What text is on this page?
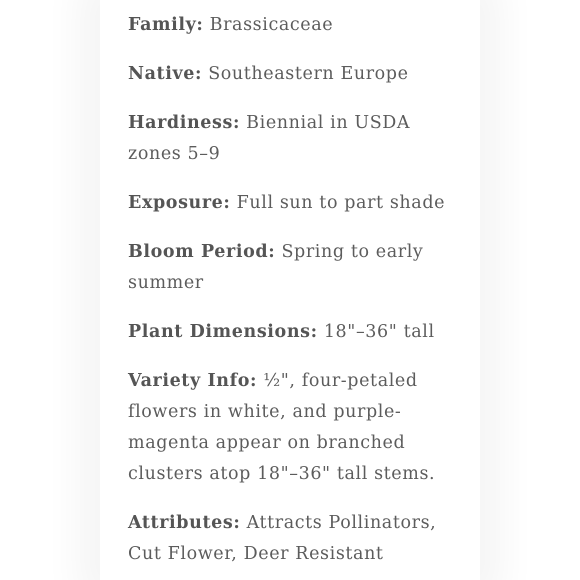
Family: Brassicaceae
Native: Southeastern Europe
Hardiness: Biennial in USDA zones 5–9
Exposure: Full sun to part shade
Bloom Period: Spring to early summer
Plant Dimensions: 18"–36" tall
Variety Info: ½", four-petaled flowers in white, and purple-magenta appear on branched clusters atop 18"–36" tall stems.
Attributes: Attracts Pollinators, Cut Flower, Deer Resistant
